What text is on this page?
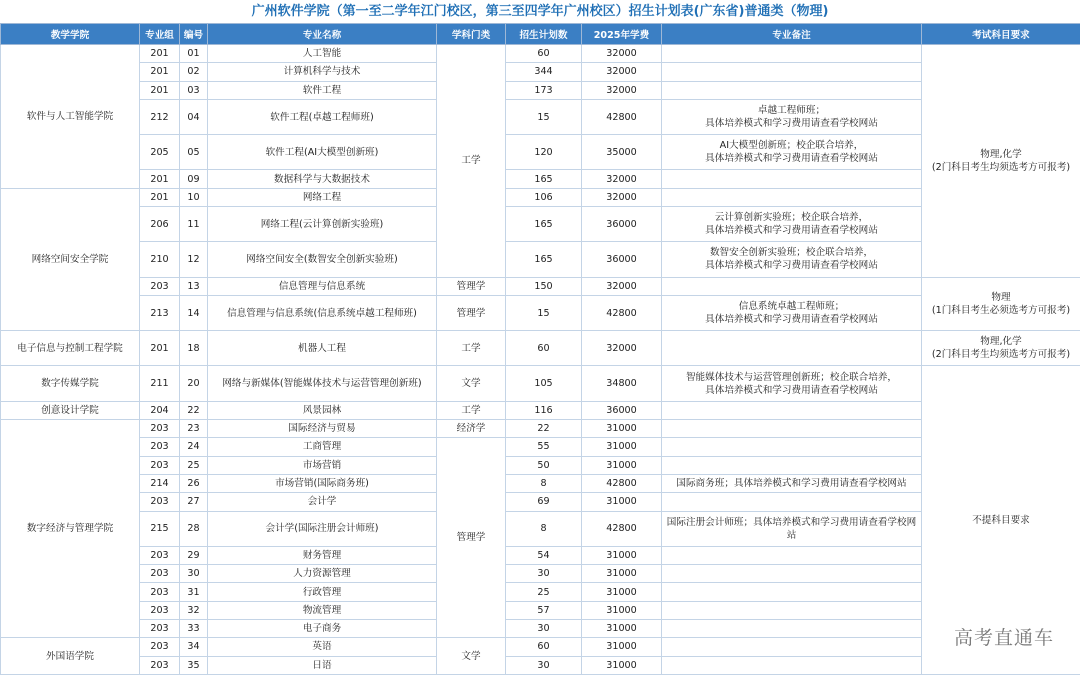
广州软件学院（第一至二学年江门校区，第三至四学年广州校区）招生计划表(广东省)普通类（物理)
教学学院	专业组	编号	专业名称	学科门类	招生计划数	2025年学费	专业备注	考试科目要求
软件与人工智能学院	201	01	人工智能	工学	60	32000		物理,化学
(2门科目考生均须选考方可报考)
	201	02	计算机科学与技术		344	32000		
	201	03	软件工程		173	32000		
	212	04	软件工程(卓越工程师班)		15	42800	卓越工程师班；
具体培养模式和学习费用请查看学校网站	
	205	05	软件工程(AI大模型创新班)		120	35000	AI大模型创新班；校企联合培养，
具体培养模式和学习费用请查看学校网站	
	201	09	数据科学与大数据技术		165	32000		
网络空间安全学院	201	10	网络工程		106	32000		
	206	11	网络工程(云计算创新实验班)		165	36000	云计算创新实验班；校企联合培养，
具体培养模式和学习费用请查看学校网站	
	210	12	网络空间安全(数智安全创新实验班)		165	36000	数智安全创新实验班；校企联合培养，
具体培养模式和学习费用请查看学校网站	
	203	13	信息管理与信息系统	管理学	150	32000		物理
(1门科目考生必须选考方可报考)
	213	14	信息管理与信息系统(信息系统卓越工程师班)	管理学	15	42800	信息系统卓越工程师班；
具体培养模式和学习费用请查看学校网站	
电子信息与控制工程学院	201	18	机器人工程	工学	60	32000		物理,化学
(2门科目考生均须选考方可报考)
数字传媒学院	211	20	网络与新媒体(智能媒体技术与运营管理创新班)	文学	105	34800	智能媒体技术与运营管理创新班；校企联合培养，
具体培养模式和学习费用请查看学校网站	不提科目要求
创意设计学院	204	22	风景园林	工学	116	36000		
数字经济与管理学院	203	23	国际经济与贸易	经济学	22	31000		
	203	24	工商管理	管理学	55	31000		
	203	25	市场营销		50	31000		
	214	26	市场营销(国际商务班)		8	42800	国际商务班；具体培养模式和学习费用请查看学校网站	
	203	27	会计学		69	31000		
	215	28	会计学(国际注册会计师班)		8	42800	国际注册会计师班；具体培养模式和学习费用请查看学校网
站	
	203	29	财务管理		54	31000		
	203	30	人力资源管理		30	31000		
	203	31	行政管理		25	31000		
	203	32	物流管理		57	31000		
	203	33	电子商务		30	31000		
外国语学院	203	34	英语	文学	60	31000		
	203	35	日语		30	31000		
高考直通车
